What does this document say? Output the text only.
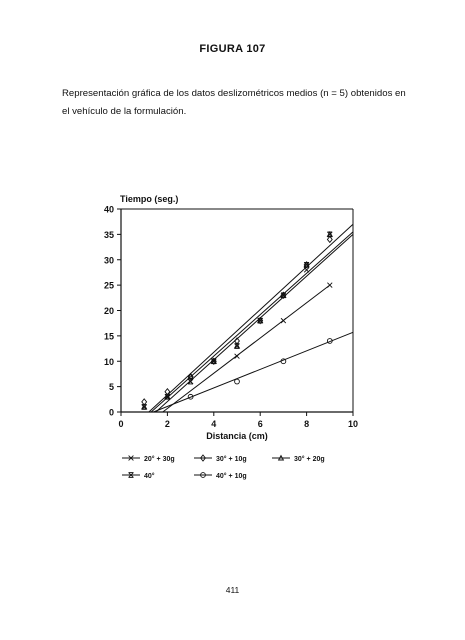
FIGURA 107
Representación gráfica de los datos deslizométricos medios (n = 5) obtenidos en
el vehículo de la formulación.
0
5
10
15
20
25
30
35
40
0	2	4	6	8	10
Tiempo (seg.)
Distancia (cm)
20° + 30g	30° + 10g	30° + 20g
40°	40° + 10g
411
